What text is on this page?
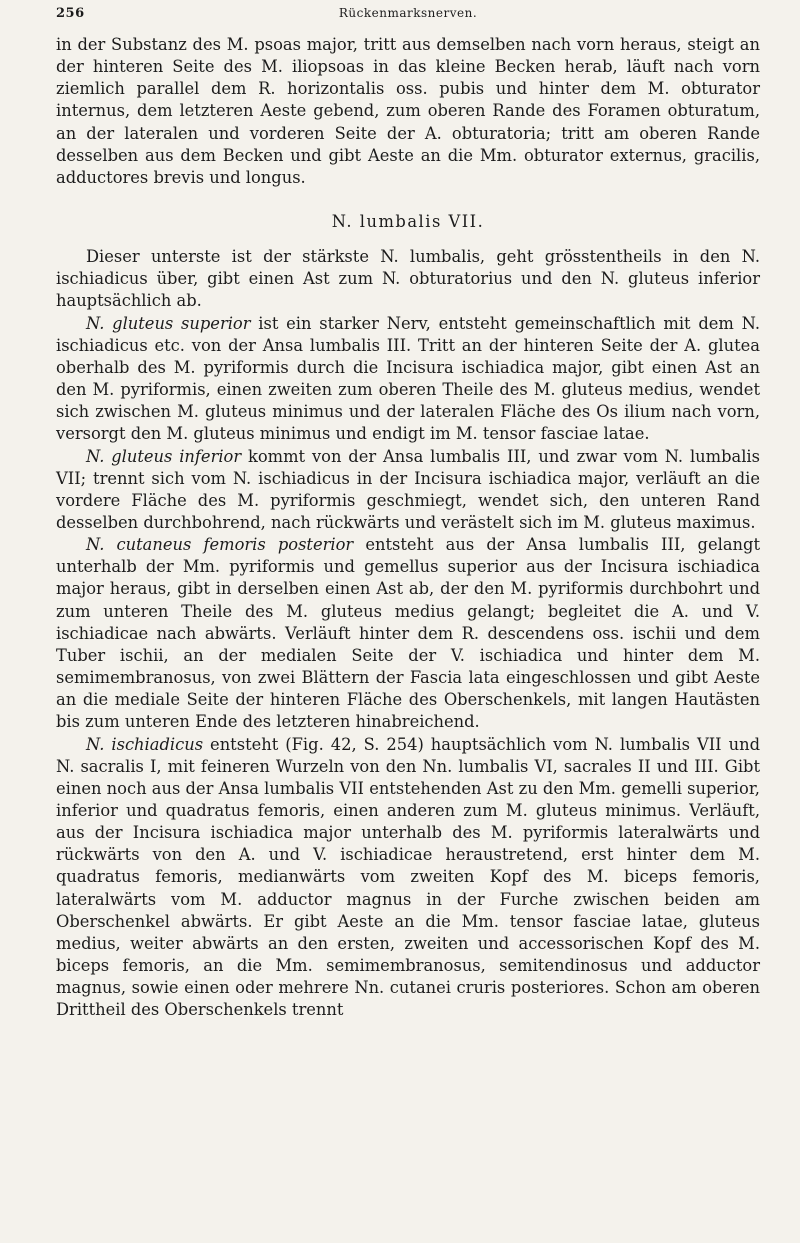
256	Rückenmarksnerven.

in der Substanz des M. psoas major, tritt aus demselben nach vorn heraus, steigt an der hinteren Seite des M. iliopsoas in das kleine Becken herab, läuft nach vorn ziemlich parallel dem R. horizontalis oss. pubis und hinter dem M. obturator internus, dem letzteren Aeste gebend, zum oberen Rande des Foramen obturatum, an der lateralen und vorderen Seite der A. obturatoria; tritt am oberen Rande desselben aus dem Becken und gibt Aeste an die Mm. obturator externus, gracilis, adductores brevis und longus.

N. lumbalis VII.

Dieser unterste ist der stärkste N. lumbalis, geht grösstentheils in den N. ischiadicus über, gibt einen Ast zum N. obturatorius und den N. gluteus inferior hauptsächlich ab.

N. gluteus superior ist ein starker Nerv, entsteht gemeinschaftlich mit dem N. ischiadicus etc. von der Ansa lumbalis III. Tritt an der hinteren Seite der A. glutea oberhalb des M. pyriformis durch die Incisura ischiadica major, gibt einen Ast an den M. pyriformis, einen zweiten zum oberen Theile des M. gluteus medius, wendet sich zwischen M. gluteus minimus und der lateralen Fläche des Os ilium nach vorn, versorgt den M. gluteus minimus und endigt im M. tensor fasciae latae.

N. gluteus inferior kommt von der Ansa lumbalis III, und zwar vom N. lumbalis VII; trennt sich vom N. ischiadicus in der Incisura ischiadica major, verläuft an die vordere Fläche des M. pyriformis geschmiegt, wendet sich, den unteren Rand desselben durchbohrend, nach rückwärts und verästelt sich im M. gluteus maximus.

N. cutaneus femoris posterior entsteht aus der Ansa lumbalis III, gelangt unterhalb der Mm. pyriformis und gemellus superior aus der Incisura ischiadica major heraus, gibt in derselben einen Ast ab, der den M. pyriformis durchbohrt und zum unteren Theile des M. gluteus medius gelangt; begleitet die A. und V. ischiadicae nach abwärts. Verläuft hinter dem R. descendens oss. ischii und dem Tuber ischii, an der medialen Seite der V. ischiadica und hinter dem M. semimembranosus, von zwei Blättern der Fascia lata eingeschlossen und gibt Aeste an die mediale Seite der hinteren Fläche des Oberschenkels, mit langen Hautästen bis zum unteren Ende des letzteren hinabreichend.

N. ischiadicus entsteht (Fig. 42, S. 254) hauptsächlich vom N. lumbalis VII und N. sacralis I, mit feineren Wurzeln von den Nn. lumbalis VI, sacrales II und III. Gibt einen noch aus der Ansa lumbalis VII entstehenden Ast zu den Mm. gemelli superior, inferior und quadratus femoris, einen anderen zum M. gluteus minimus. Verläuft, aus der Incisura ischiadica major unterhalb des M. pyriformis lateralwärts und rückwärts von den A. und V. ischiadicae heraustretend, erst hinter dem M. quadratus femoris, medianwärts vom zweiten Kopf des M. biceps femoris, lateralwärts vom M. adductor magnus in der Furche zwischen beiden am Oberschenkel abwärts. Er gibt Aeste an die Mm. tensor fasciae latae, gluteus medius, weiter abwärts an den ersten, zweiten und accessorischen Kopf des M. biceps femoris, an die Mm. semimembranosus, semitendinosus und adductor magnus, sowie einen oder mehrere Nn. cutanei cruris posteriores. Schon am oberen Drittheil des Oberschenkels trennt
